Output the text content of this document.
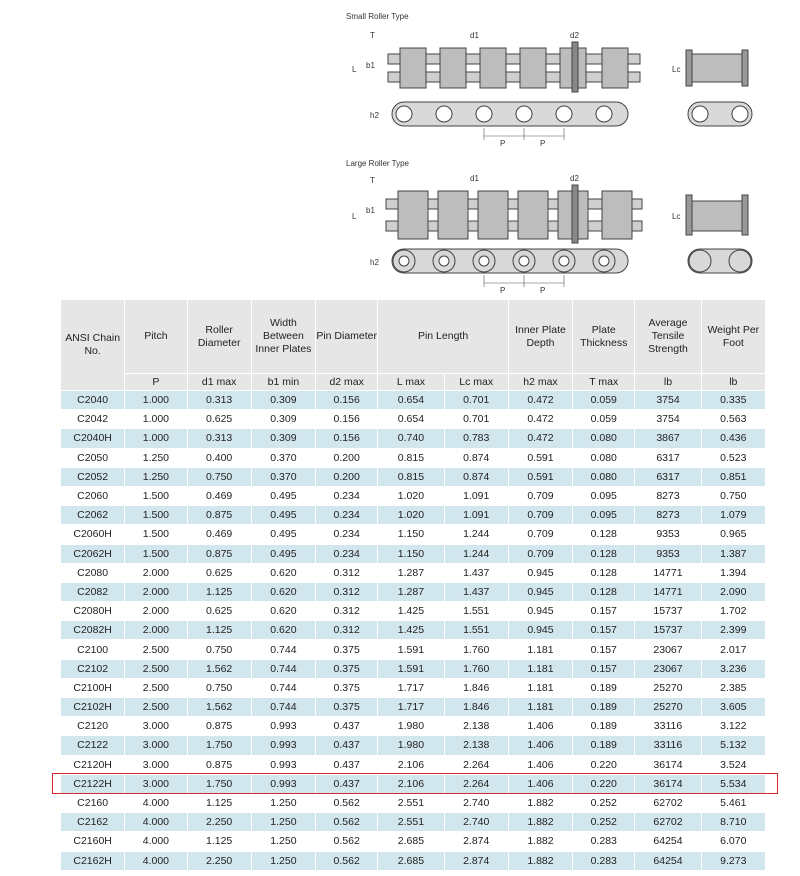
Small Roller Type
d1	d2
L b1	Lc
T
h2
P	P
Large Roller Type
d1	d2
L
b1
Lc
T
h2
P	P
ANSI Chain No.	Pitch	Roller Diameter	Width Between Inner Plates	Pin Diameter	Pin Length		Inner Plate Depth	Plate Thickness	Average Tensile Strength	Weight Per Foot
	P	d1 max	b1 min	d2 max	L max	Lc max	h2 max	T max	lb	lb
C2040	1.000	0.313	0.309	0.156	0.654	0.701	0.472	0.059	3754	0.335
C2042	1.000	0.625	0.309	0.156	0.654	0.701	0.472	0.059	3754	0.563
C2040H	1.000	0.313	0.309	0.156	0.740	0.783	0.472	0.080	3867	0.436
C2050	1.250	0.400	0.370	0.200	0.815	0.874	0.591	0.080	6317	0.523
C2052	1.250	0.750	0.370	0.200	0.815	0.874	0.591	0.080	6317	0.851
C2060	1.500	0.469	0.495	0.234	1.020	1.091	0.709	0.095	8273	0.750
C2062	1.500	0.875	0.495	0.234	1.020	1.091	0.709	0.095	8273	1.079
C2060H	1.500	0.469	0.495	0.234	1.150	1.244	0.709	0.128	9353	0.965
C2062H	1.500	0.875	0.495	0.234	1.150	1.244	0.709	0.128	9353	1.387
C2080	2.000	0.625	0.620	0.312	1.287	1.437	0.945	0.128	14771	1.394
C2082	2.000	1.125	0.620	0.312	1.287	1.437	0.945	0.128	14771	2.090
C2080H	2.000	0.625	0.620	0.312	1.425	1.551	0.945	0.157	15737	1.702
C2082H	2.000	1.125	0.620	0.312	1.425	1.551	0.945	0.157	15737	2.399
C2100	2.500	0.750	0.744	0.375	1.591	1.760	1.181	0.157	23067	2.017
C2102	2.500	1.562	0.744	0.375	1.591	1.760	1.181	0.157	23067	3.236
C2100H	2.500	0.750	0.744	0.375	1.717	1.846	1.181	0.189	25270	2.385
C2102H	2.500	1.562	0.744	0.375	1.717	1.846	1.181	0.189	25270	3.605
C2120	3.000	0.875	0.993	0.437	1.980	2.138	1.406	0.189	33116	3.122
C2122	3.000	1.750	0.993	0.437	1.980	2.138	1.406	0.189	33116	5.132
C2120H	3.000	0.875	0.993	0.437	2.106	2.264	1.406	0.220	36174	3.524
C2122H	3.000	1.750	0.993	0.437	2.106	2.264	1.406	0.220	36174	5.534
C2160	4.000	1.125	1.250	0.562	2.551	2.740	1.882	0.252	62702	5.461
C2162	4.000	2.250	1.250	0.562	2.551	2.740	1.882	0.252	62702	8.710
C2160H	4.000	1.125	1.250	0.562	2.685	2.874	1.882	0.283	64254	6.070
C2162H	4.000	2.250	1.250	0.562	2.685	2.874	1.882	0.283	64254	9.273
